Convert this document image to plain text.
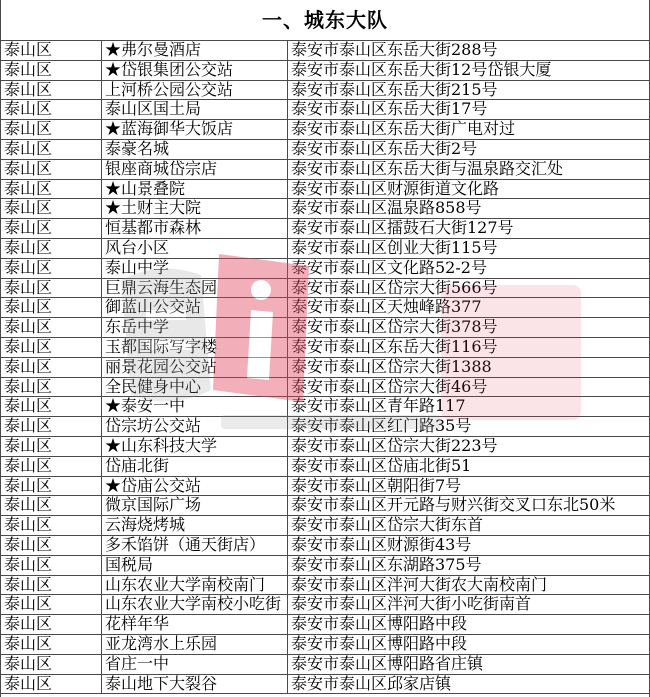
一、城东大队
泰山区	★弗尔曼酒店	泰安市泰山区东岳大街288号
泰山区	★岱银集团公交站	泰安市泰山区东岳大街12号岱银大厦
泰山区	上河桥公园公交站	泰安市泰山区东岳大街215号
泰山区	泰山区国土局	泰安市泰山区东岳大街17号
泰山区	★蓝海御华大饭店	泰安市泰山区东岳大街广电对过
泰山区	泰豪名城	泰安市泰山区东岳大街2号
泰山区	银座商城岱宗店	泰安市泰山区东岳大街与温泉路交汇处
泰山区	★山景叠院	泰安市泰山区财源街道文化路
泰山区	★土财主大院	泰安市泰山区温泉路858号
泰山区	恒基都市森林	泰安市泰山区擂鼓石大街127号
泰山区	风台小区	泰安市泰山区创业大街115号
泰山区	泰山中学	泰安市泰山区文化路52-2号
泰山区	巨鼎云海生态园	泰安市泰山区岱宗大街566号
泰山区	御蓝山公交站	泰安市泰山区天烛峰路377
泰山区	东岳中学	泰安市泰山区岱宗大街378号
泰山区	玉都国际写字楼	泰安市泰山区东岳大街116号
泰山区	丽景花园公交站	泰安市泰山区岱宗大街1388
泰山区	全民健身中心	泰安市泰山区岱宗大街46号
泰山区	★泰安一中	泰安市泰山区青年路117
泰山区	岱宗坊公交站	泰安市泰山区红门路35号
泰山区	★山东科技大学	泰安市泰山区岱宗大街223号
泰山区	岱庙北街	泰安市泰山区岱庙北街51
泰山区	★岱庙公交站	泰安市泰山区朝阳街7号
泰山区	微京国际广场	泰安市泰山区开元路与财兴街交叉口东北50米
泰山区	云海烧烤城	泰安市泰山区岱宗大街东首
泰山区	多禾馅饼（通天街店）	泰安市泰山区财源街43号
泰山区	国税局	泰安市泰山区东湖路375号
泰山区	山东农业大学南校南门	泰安市泰山区泮河大街农大南校南门
泰山区	山东农业大学南校小吃街 泰安市泰山区泮河大街小吃街南首
泰山区	花样年华	泰安市泰山区博阳路中段
泰山区	亚龙湾水上乐园	泰安市泰山区博阳路中段
泰山区	省庄一中	泰安市泰山区博阳路省庄镇
泰山区	泰山地下大裂谷	泰安市泰山区邱家店镇
